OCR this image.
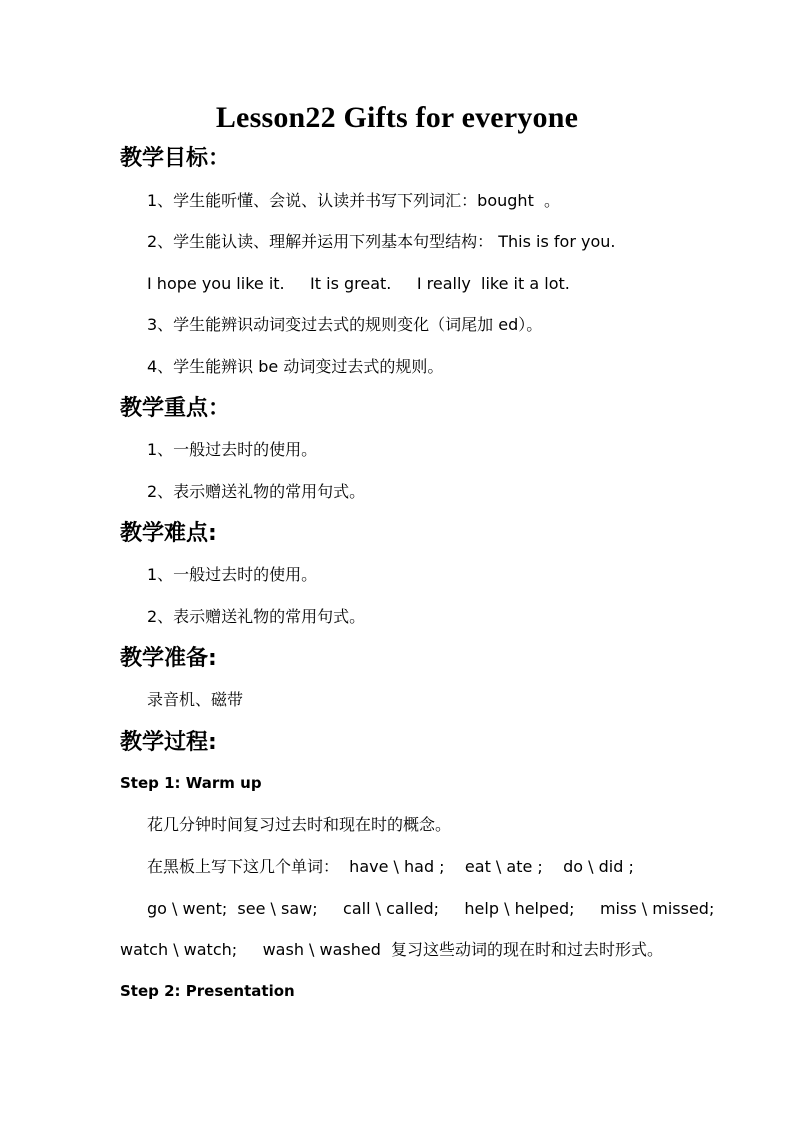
Lesson22 Gifts for everyone
教学目标：
1、学生能听懂、会说、认读并书写下列词汇：bought  。
2、学生能认读、理解并运用下列基本句型结构： This is for you.
I hope you like it.     It is great.     I really  like it a lot.
3、学生能辨识动词变过去式的规则变化（词尾加 ed）。
4、学生能辨识 be 动词变过去式的规则。
教学重点：
1、一般过去时的使用。
2、表示赠送礼物的常用句式。
教学难点:
1、一般过去时的使用。
2、表示赠送礼物的常用句式。
教学准备:
录音机、磁带
教学过程:
Step 1: Warm up
花几分钟时间复习过去时和现在时的概念。
在黑板上写下这几个单词：  have \ had ;    eat \ ate ;    do \ did ;
go \ went;  see \ saw;     call \ called;     help \ helped;     miss \ missed;
watch \ watch;     wash \ washed  复习这些动词的现在时和过去时形式。
Step 2: Presentation
